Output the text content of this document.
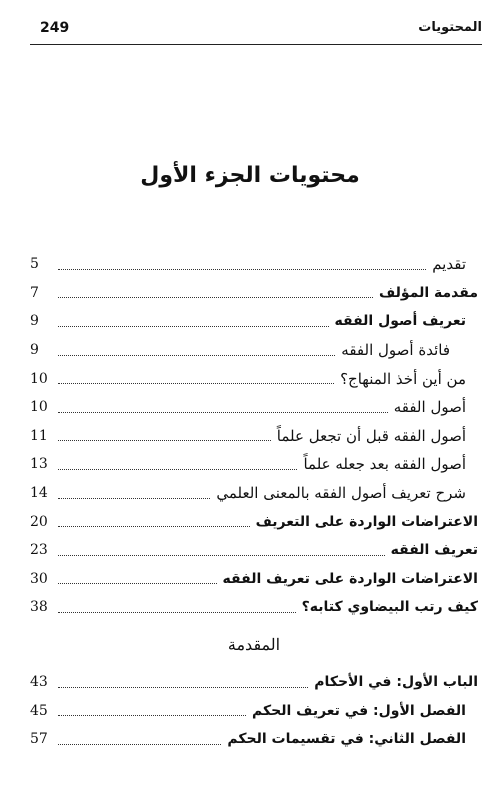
249	المحتويات
محتويات الجزء الأول
تقديم
5
مقدمة المؤلف
7
تعريف أصول الفقه
9
فائدة أصول الفقه
9
من أين أخذ المنهاج؟
10
أصول الفقه
10
أصول الفقه قبل أن تجعل علماً
11
أصول الفقه بعد جعله علماً
13
شرح تعريف أصول الفقه بالمعنى العلمي
14
الاعتراضات الواردة على التعريف
20
تعريف الفقه
23
الاعتراضات الواردة على تعريف الفقه
30
كيف رتب البيضاوي كتابه؟
38
المقدمة
الباب الأول: في الأحكام
43
الفصل الأول: في تعريف الحكم
45
الفصل الثاني: في تقسيمات الحكم
57
